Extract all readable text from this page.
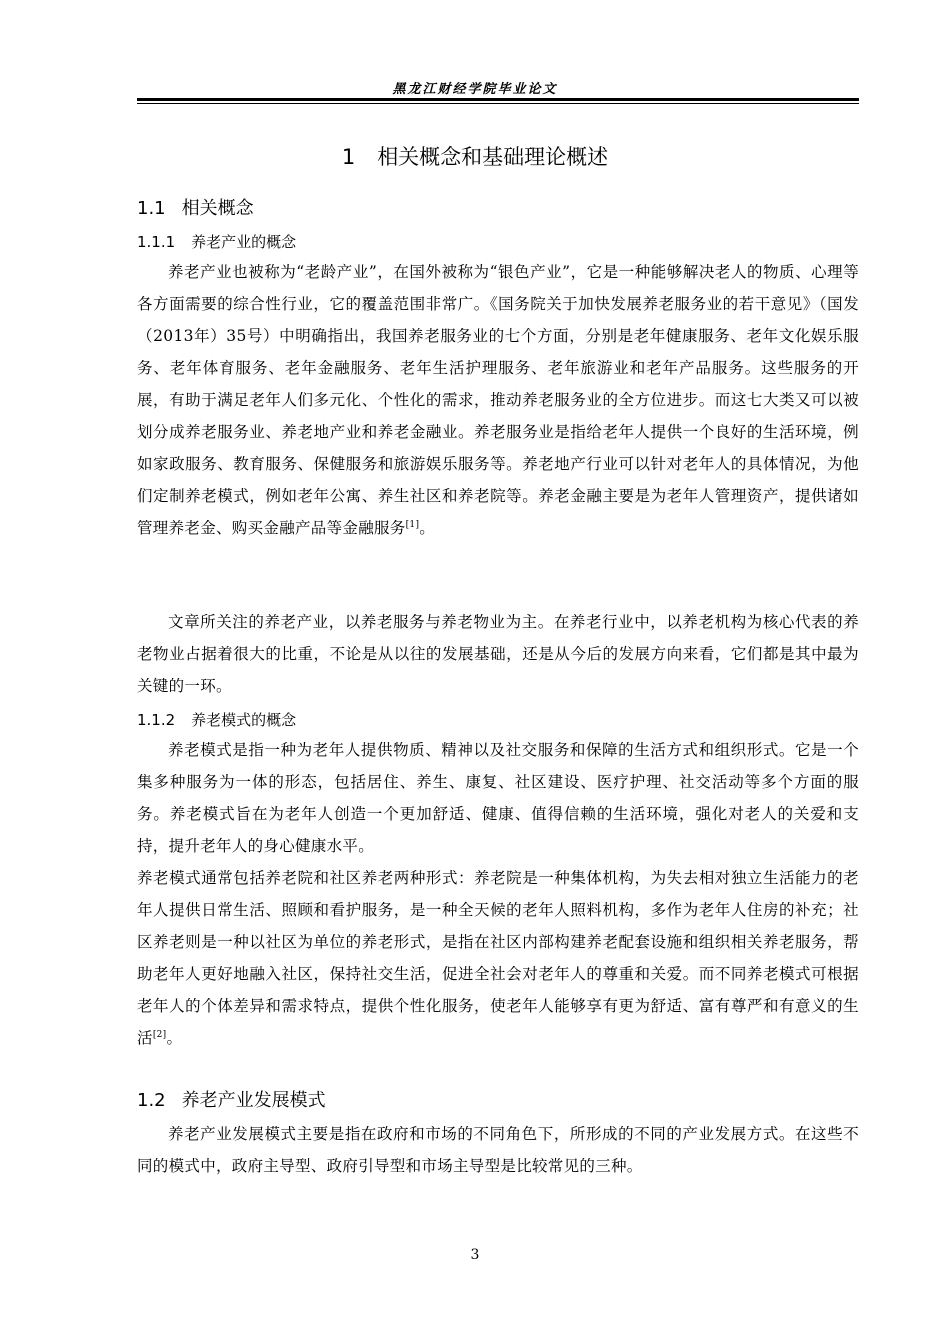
黑龙江财经学院毕业论文
1 相关概念和基础理论概述
1.1 相关概念
1.1.1 养老产业的概念
养老产业也被称为“老龄产业”，在国外被称为“银色产业”，它是一种能够解决老人的物质、心理等各方面需要的综合性行业，它的覆盖范围非常广。《国务院关于加快发展养老服务业的若干意见》（国发（2013年）35号）中明确指出，我国养老服务业的七个方面，分别是老年健康服务、老年文化娱乐服务、老年体育服务、老年金融服务、老年生活护理服务、老年旅游业和老年产品服务。这些服务的开展，有助于满足老年人们多元化、个性化的需求，推动养老服务业的全方位进步。而这七大类又可以被划分成养老服务业、养老地产业和养老金融业。养老服务业是指给老年人提供一个良好的生活环境，例如家政服务、教育服务、保健服务和旅游娱乐服务等。养老地产行业可以针对老年人的具体情况，为他们定制养老模式，例如老年公寓、养生社区和养老院等。养老金融主要是为老年人管理资产，提供诸如管理养老金、购买金融产品等金融服务[1]。
文章所关注的养老产业，以养老服务与养老物业为主。在养老行业中，以养老机构为核心代表的养老物业占据着很大的比重，不论是从以往的发展基础，还是从今后的发展方向来看，它们都是其中最为关键的一环。
1.1.2 养老模式的概念
养老模式是指一种为老年人提供物质、精神以及社交服务和保障的生活方式和组织形式。它是一个集多种服务为一体的形态，包括居住、养生、康复、社区建设、医疗护理、社交活动等多个方面的服务。养老模式旨在为老年人创造一个更加舒适、健康、值得信赖的生活环境，强化对老人的关爱和支持，提升老年人的身心健康水平。
养老模式通常包括养老院和社区养老两种形式：养老院是一种集体机构，为失去相对独立生活能力的老年人提供日常生活、照顾和看护服务，是一种全天候的老年人照料机构，多作为老年人住房的补充；社区养老则是一种以社区为单位的养老形式，是指在社区内部构建养老配套设施和组织相关养老服务，帮助老年人更好地融入社区，保持社交生活，促进全社会对老年人的尊重和关爱。而不同养老模式可根据老年人的个体差异和需求特点，提供个性化服务，使老年人能够享有更为舒适、富有尊严和有意义的生活[2]。
1.2 养老产业发展模式
养老产业发展模式主要是指在政府和市场的不同角色下，所形成的不同的产业发展方式。在这些不同的模式中，政府主导型、政府引导型和市场主导型是比较常见的三种。
3
